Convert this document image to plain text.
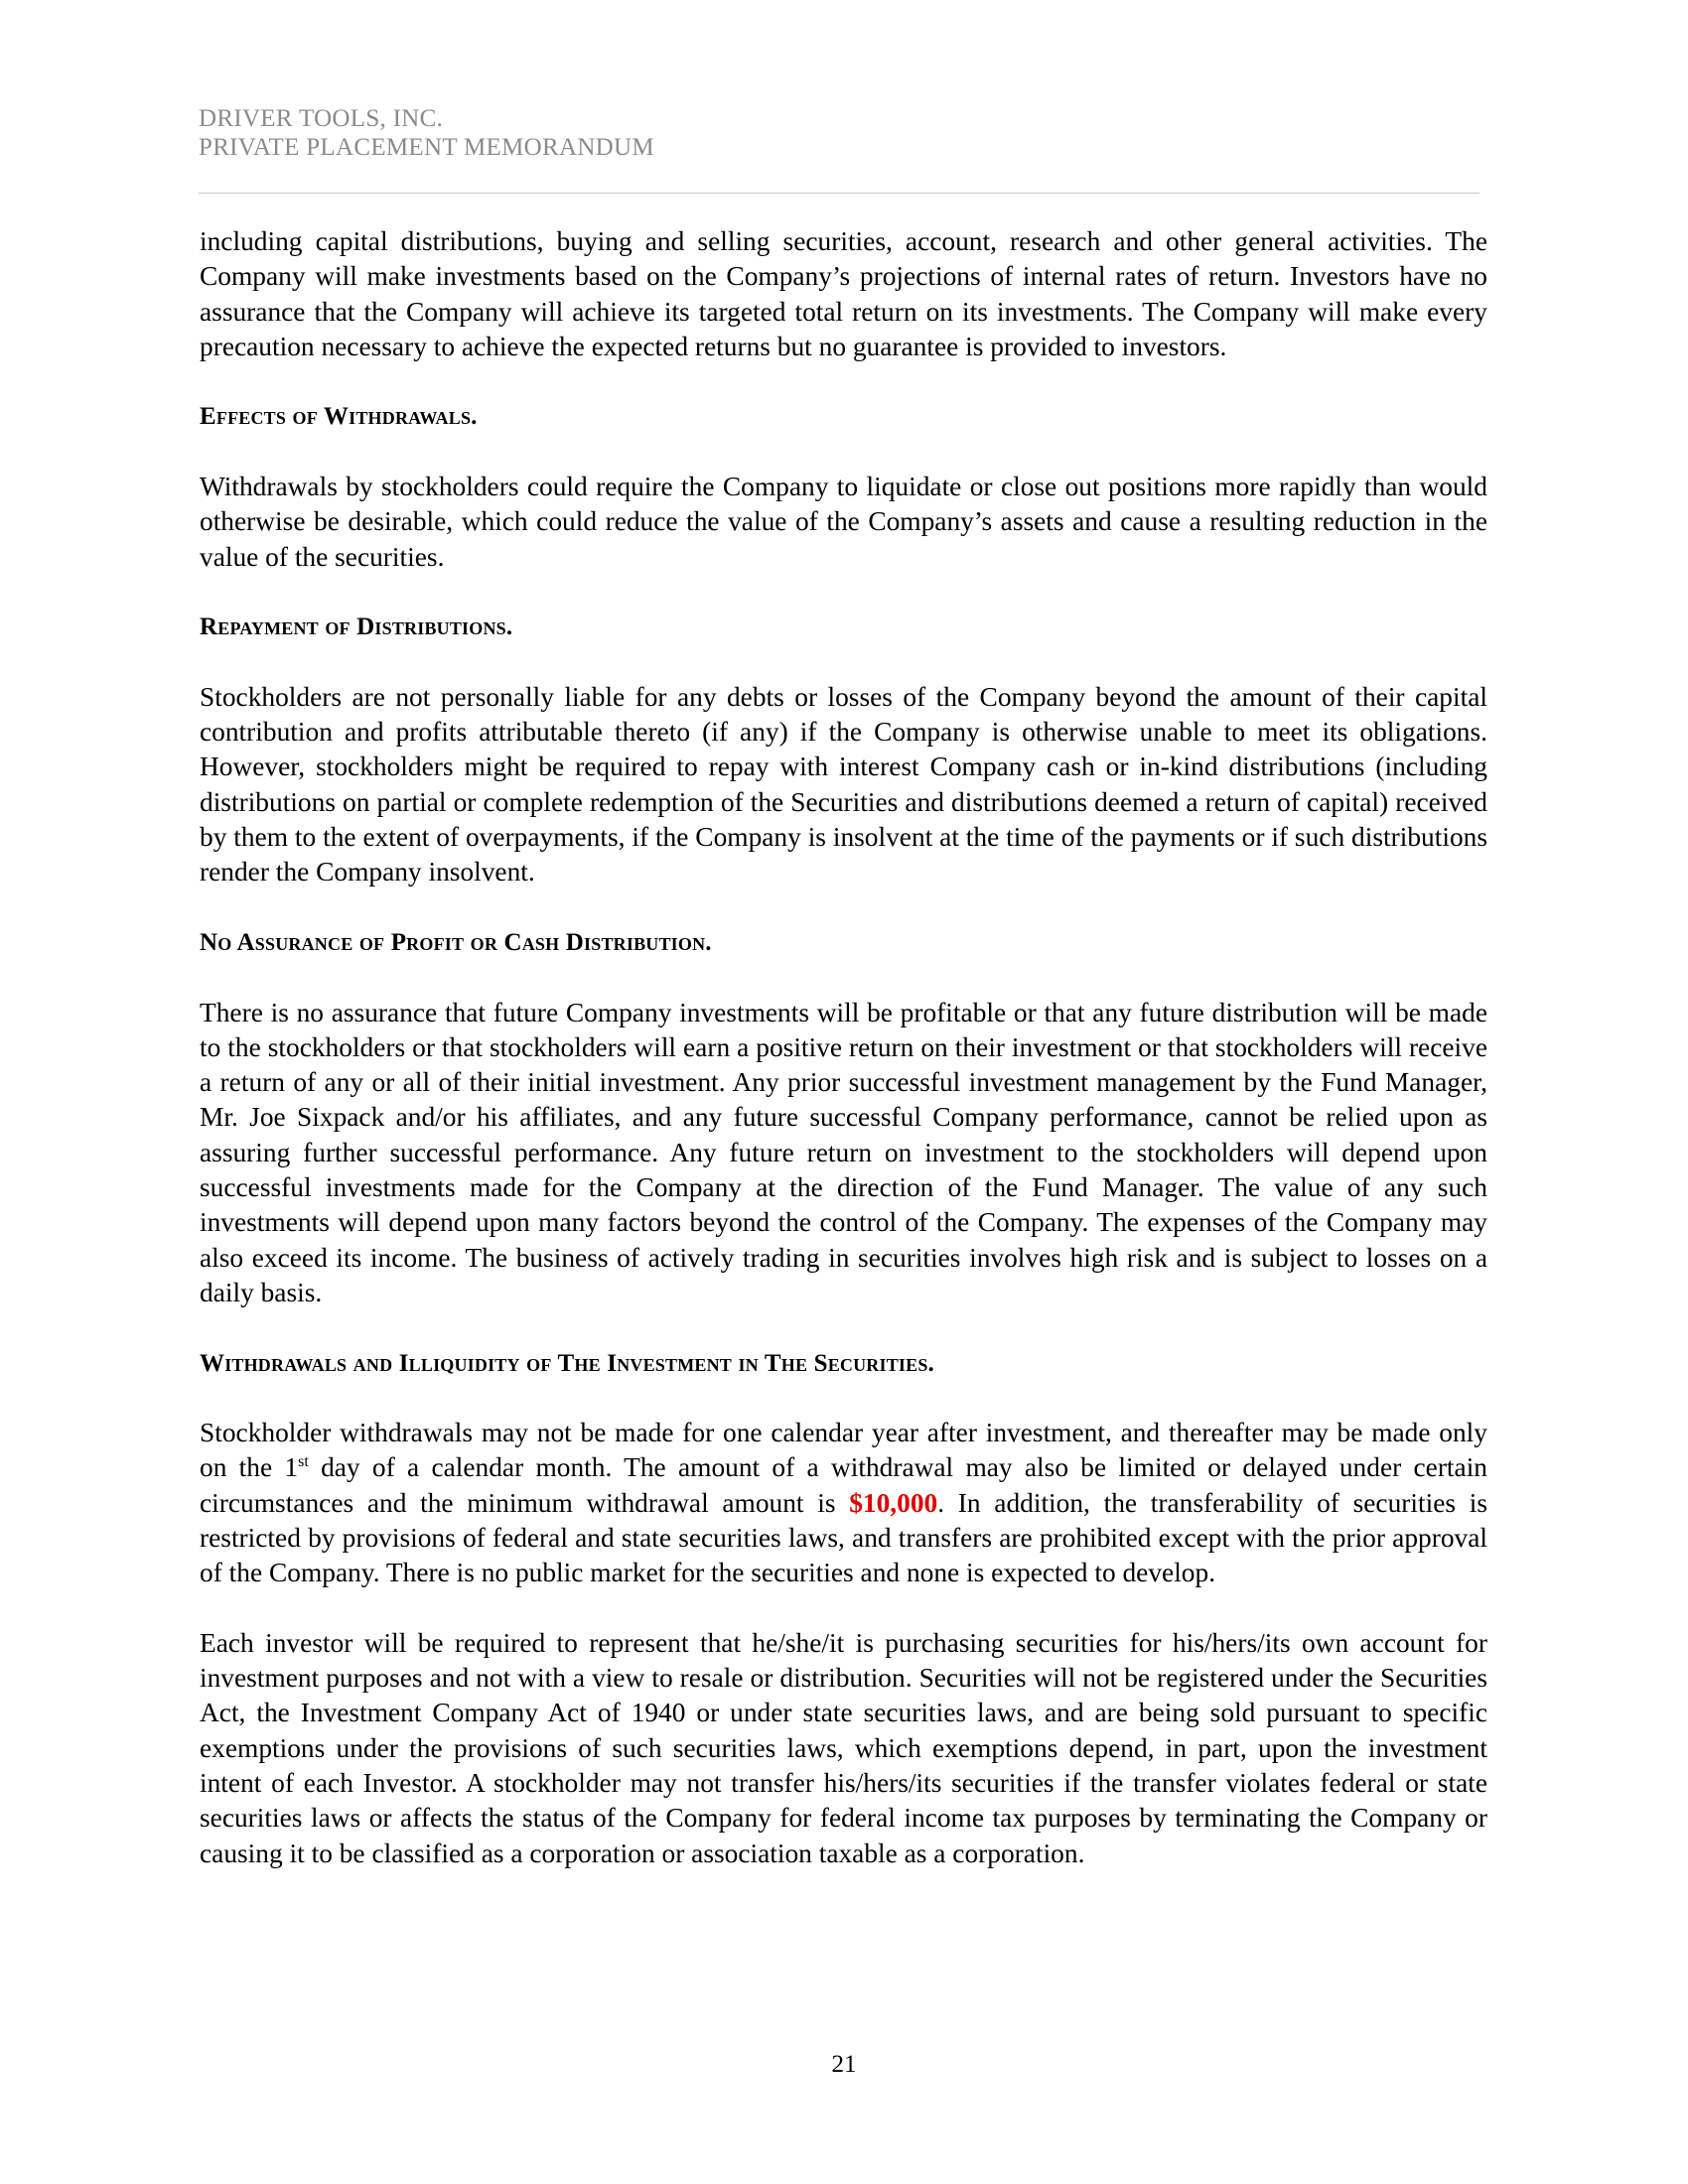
DRIVER TOOLS, INC.
PRIVATE PLACEMENT MEMORANDUM

including capital distributions, buying and selling securities, account, research and other general activities. The Company will make investments based on the Company’s projections of internal rates of return. Investors have no assurance that the Company will achieve its targeted total return on its investments. The Company will make every precaution necessary to achieve the expected returns but no guarantee is provided to investors.

Effects of Withdrawals.

Withdrawals by stockholders could require the Company to liquidate or close out positions more rapidly than would otherwise be desirable, which could reduce the value of the Company’s assets and cause a resulting reduction in the value of the securities.

Repayment of Distributions.

Stockholders are not personally liable for any debts or losses of the Company beyond the amount of their capital contribution and profits attributable thereto (if any) if the Company is otherwise unable to meet its obligations. However, stockholders might be required to repay with interest Company cash or in-kind distributions (including distributions on partial or complete redemption of the Securities and distributions deemed a return of capital) received by them to the extent of overpayments, if the Company is insolvent at the time of the payments or if such distributions render the Company insolvent.

No Assurance of Profit or Cash Distribution.

There is no assurance that future Company investments will be profitable or that any future distribution will be made to the stockholders or that stockholders will earn a positive return on their investment or that stockholders will receive a return of any or all of their initial investment. Any prior successful investment management by the Fund Manager, Mr. Joe Sixpack and/or his affiliates, and any future successful Company performance, cannot be relied upon as assuring further successful performance. Any future return on investment to the stockholders will depend upon successful investments made for the Company at the direction of the Fund Manager. The value of any such investments will depend upon many factors beyond the control of the Company. The expenses of the Company may also exceed its income. The business of actively trading in securities involves high risk and is subject to losses on a daily basis.

Withdrawals and Illiquidity of The Investment in The Securities.

Stockholder withdrawals may not be made for one calendar year after investment, and thereafter may be made only on the 1st day of a calendar month. The amount of a withdrawal may also be limited or delayed under certain circumstances and the minimum withdrawal amount is $10,000. In addition, the transferability of securities is restricted by provisions of federal and state securities laws, and transfers are prohibited except with the prior approval of the Company. There is no public market for the securities and none is expected to develop.

Each investor will be required to represent that he/she/it is purchasing securities for his/hers/its own account for investment purposes and not with a view to resale or distribution. Securities will not be registered under the Securities Act, the Investment Company Act of 1940 or under state securities laws, and are being sold pursuant to specific exemptions under the provisions of such securities laws, which exemptions depend, in part, upon the investment intent of each Investor. A stockholder may not transfer his/hers/its securities if the transfer violates federal or state securities laws or affects the status of the Company for federal income tax purposes by terminating the Company or causing it to be classified as a corporation or association taxable as a corporation.

21
